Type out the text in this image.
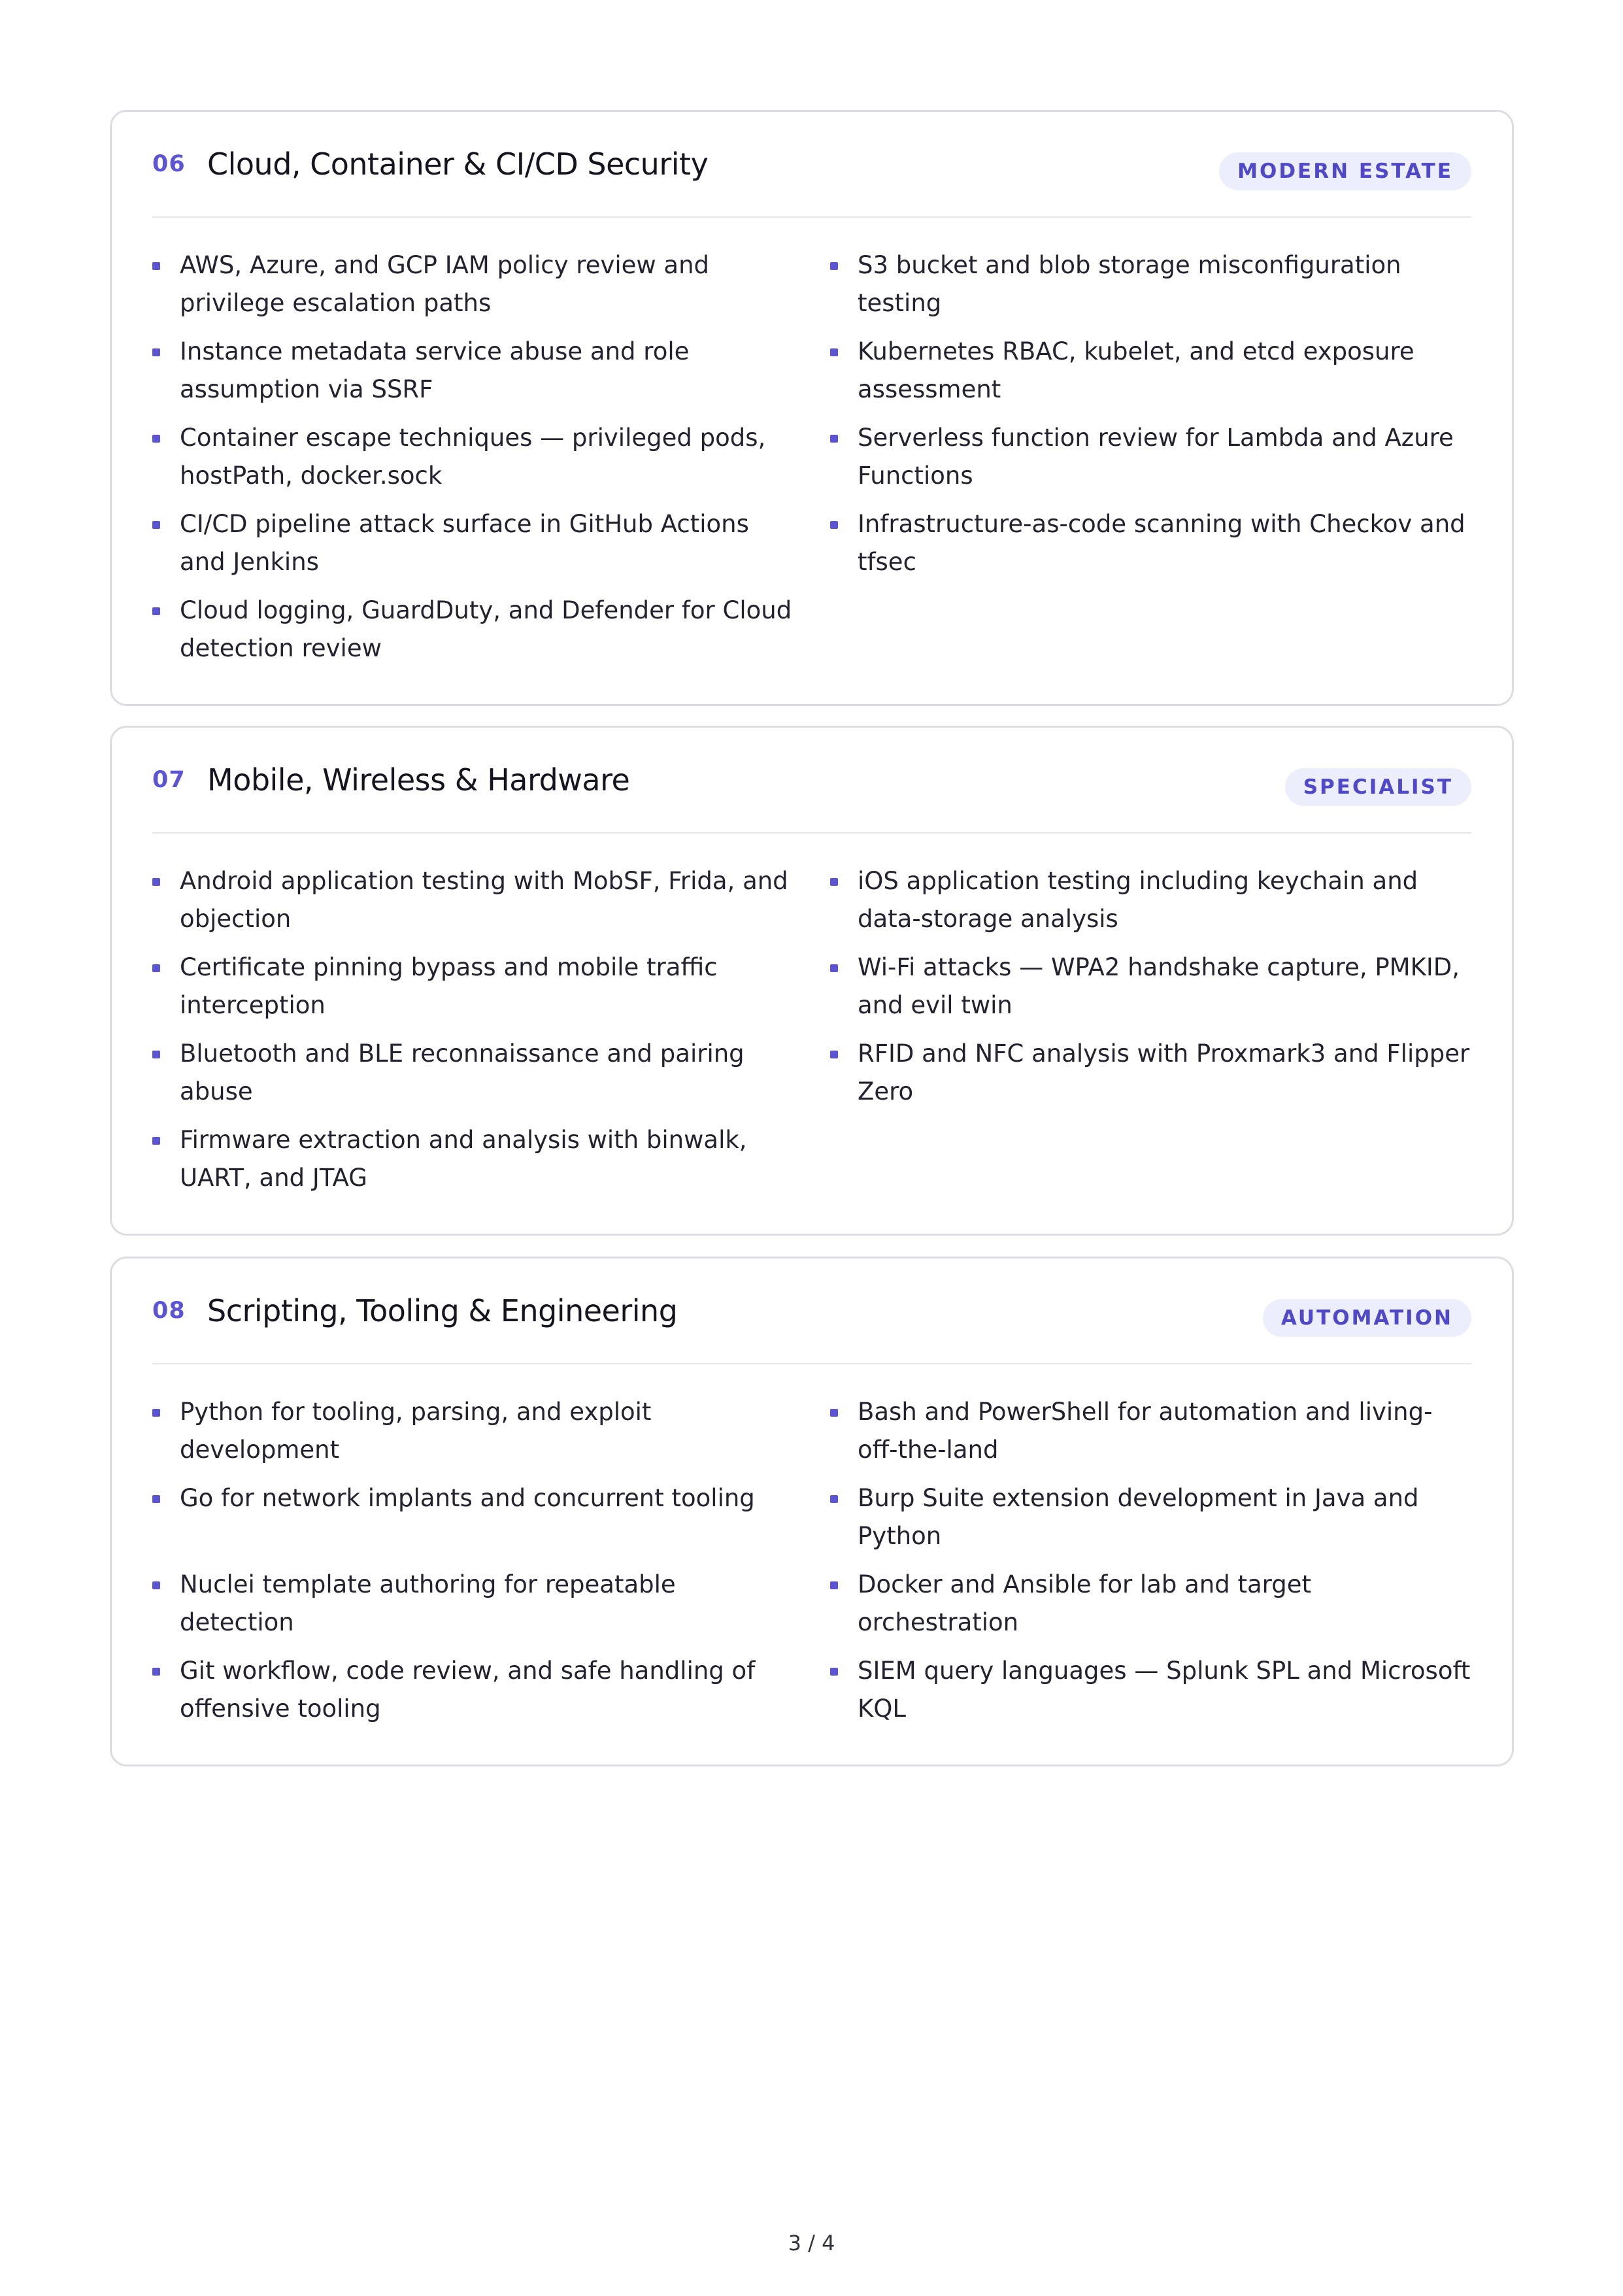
06 Cloud, Container & CI/CD Security	MODERN ESTATE
AWS, Azure, and GCP IAM policy review and privilege escalation paths
S3 bucket and blob storage misconfiguration testing
Instance metadata service abuse and role assumption via SSRF
Kubernetes RBAC, kubelet, and etcd exposure assessment
Container escape techniques — privileged pods, hostPath, docker.sock
Serverless function review for Lambda and Azure Functions
CI/CD pipeline attack surface in GitHub Actions and Jenkins
Infrastructure-as-code scanning with Checkov and tfsec
Cloud logging, GuardDuty, and Defender for Cloud detection review
07 Mobile, Wireless & Hardware	SPECIALIST
Android application testing with MobSF, Frida, and objection
iOS application testing including keychain and data-storage analysis
Certificate pinning bypass and mobile traffic interception
Wi-Fi attacks — WPA2 handshake capture, PMKID, and evil twin
Bluetooth and BLE reconnaissance and pairing abuse
RFID and NFC analysis with Proxmark3 and Flipper Zero
Firmware extraction and analysis with binwalk, UART, and JTAG
08 Scripting, Tooling & Engineering	AUTOMATION
Python for tooling, parsing, and exploit development
Bash and PowerShell for automation and living-off-the-land
Go for network implants and concurrent tooling	Burp Suite extension development in Java and Python
Nuclei template authoring for repeatable detection
Docker and Ansible for lab and target orchestration
Git workflow, code review, and safe handling of offensive tooling
SIEM query languages — Splunk SPL and Microsoft KQL
3 / 4
